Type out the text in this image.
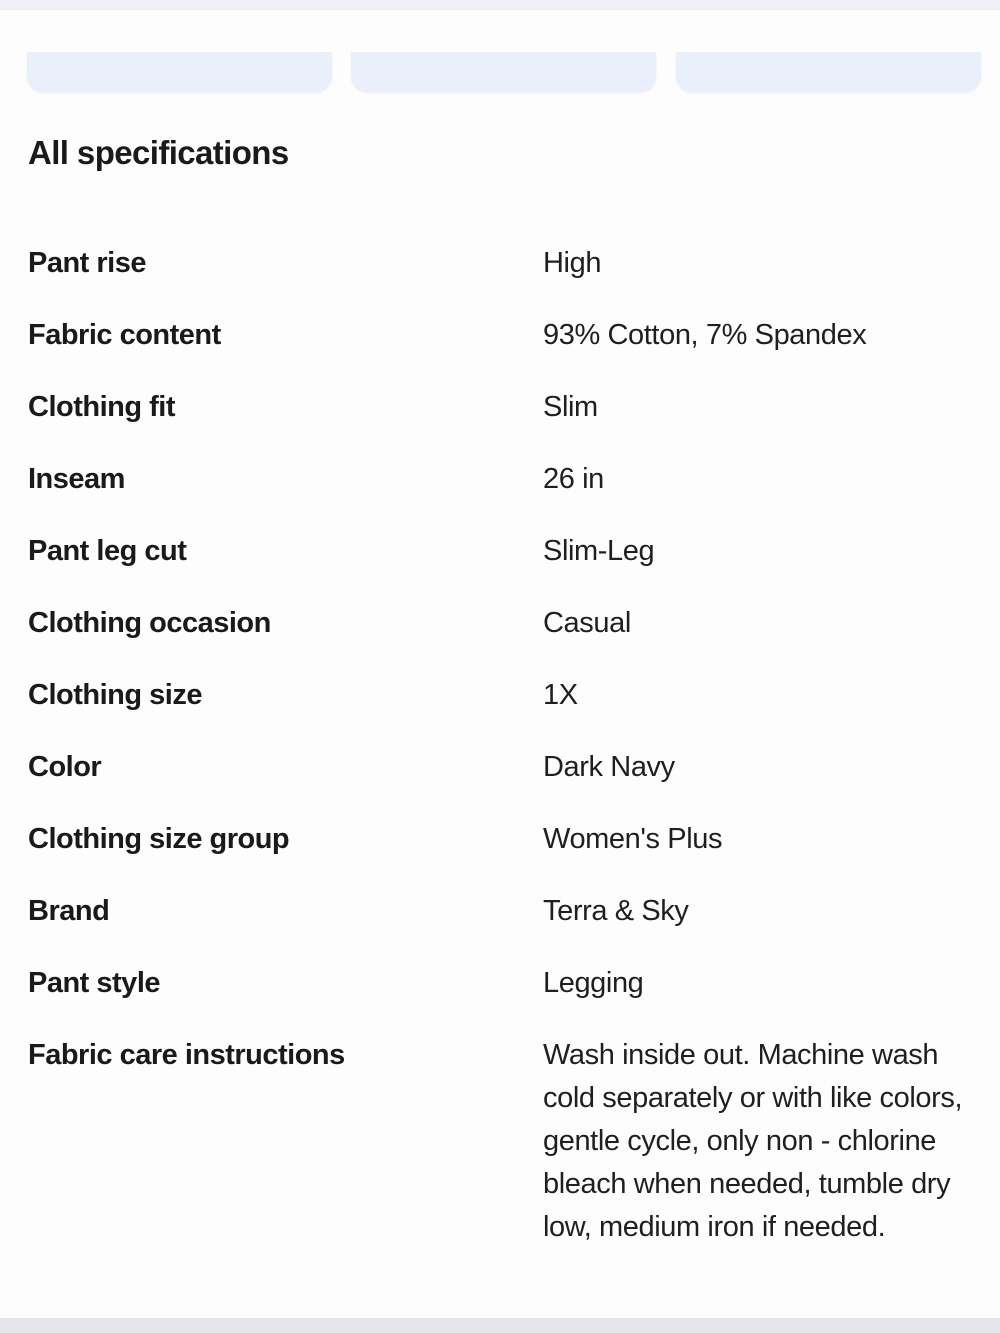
All specifications
Pant rise	High
Fabric content	93% Cotton, 7% Spandex
Clothing fit	Slim
Inseam	26 in
Pant leg cut	Slim-Leg
Clothing occasion	Casual
Clothing size	1X
Color	Dark Navy
Clothing size group	Women's Plus
Brand	Terra & Sky
Pant style	Legging
Fabric care instructions	Wash inside out. Machine wash cold separately or with like colors, gentle cycle, only non - chlorine bleach when needed, tumble dry low, medium iron if needed.
